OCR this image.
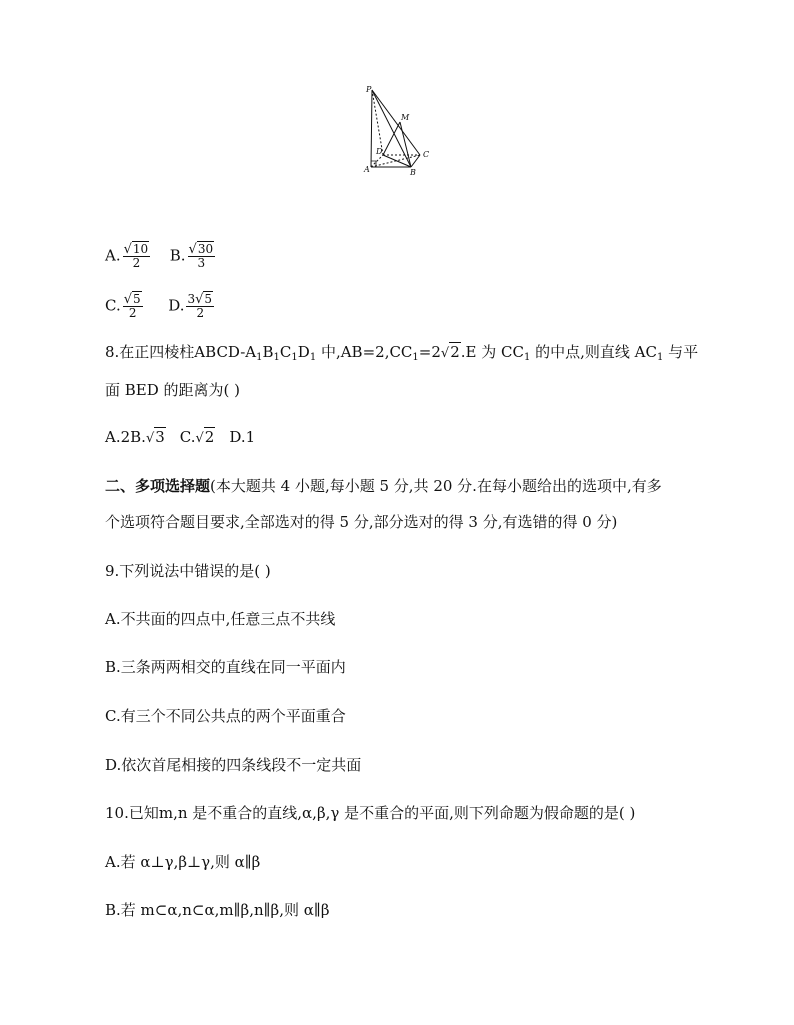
P
M
D	C
A	B
A. $\frac{√10}{2} B$. $\frac{√30}{3}$
C. $\frac{√5}{2} D$. $\frac{3√5}{2}$
8.在正四棱柱ABCD-$A_1B_1C_1D_1$ 中$,AB=2,CC_1=2√2.E$ 为 $CC_1$ 的中点,则直线 $AC_1$ 与平
面 BED 的距离为( )
A.2B.√3 C.√2 D.1
二、多项选择题(本大题共 4 小题,每小题 5 分,共 20 分.在每小题给出的选项中,有多
个选项符合题目要求,全部选对的得 5 分,部分选对的得 3 分,有选错的得 0 分)
9.下列说法中错误的是( )
A.不共面的四点中,任意三点不共线
B.三条两两相交的直线在同一平面内
C.有三个不同公共点的两个平面重合
D.依次首尾相接的四条线段不一定共面
10.已知m,n 是不重合的直线,α,β,γ 是不重合的平面,则下列命题为假命题的是( )
A.若 α⊥γ,β⊥γ,则 α∥β
B.若 m⊂α,n⊂α,m∥β,n∥β,则 α∥β
